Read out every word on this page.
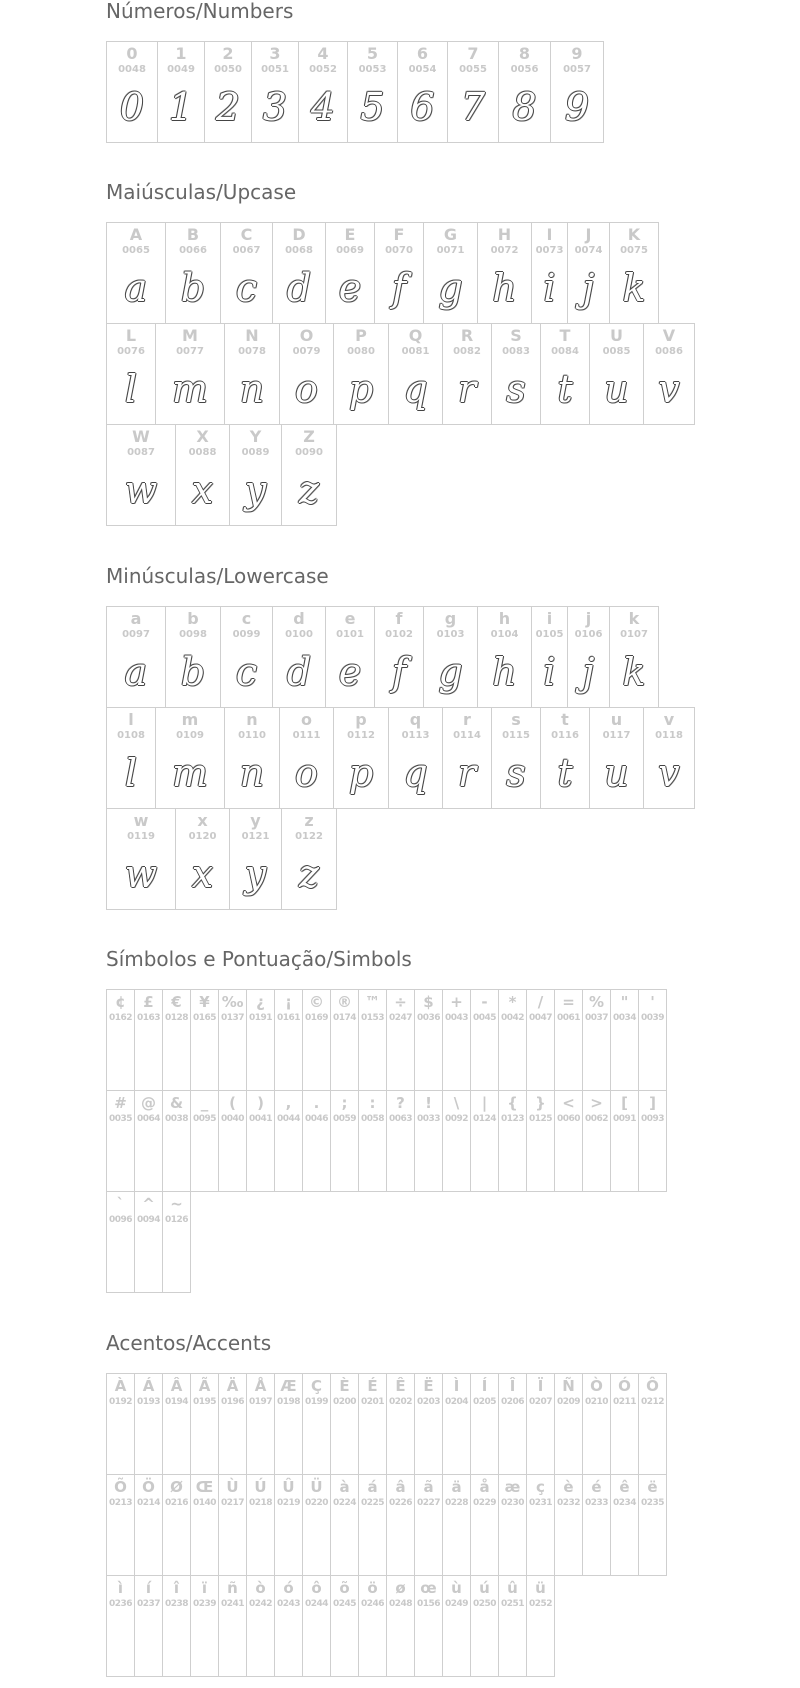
Números/Numbers
0
0048
0
1
0049
1
2
0050
2
3
0051
3
4
0052
4
5
0053
5
6
0054
6
7
0055
7
8
0056
8
9
0057
9
Maiúsculas/Upcase
A
0065
a
B
0066
b
C
0067
c
D
0068
d
E
0069
e
F
0070
f
G
0071
g
H
0072
h
I
0073
i
J
0074
j
K
0075
k
L
0076
l
M
0077
m
N
0078
n
O
0079
o
P
0080
p
Q
0081
q
R
0082
r
S
0083
s
T
0084
t
U
0085
u
V
0086
v
W
0087
w
X
0088
x
Y
0089
y
Z
0090
z
Minúsculas/Lowercase
a
0097
a
b
0098
b
c
0099
c
d
0100
d
e
0101
e
f
0102
f
g
0103
g
h
0104
h
i
0105
i
j
0106
j
k
0107
k
l
0108
l
m
0109
m
n
0110
n
o
0111
o
p
0112
p
q
0113
q
r
0114
r
s
0115
s
t
0116
t
u
0117
u
v
0118
v
w
0119
w
x
0120
x
y
0121
y
z
0122
z
Símbolos e Pontuação/Simbols
¢
0162
£
0163
€
0128
¥
0165
‰
0137
¿
0191
¡
0161
©
0169
®
0174
™
0153
÷
0247
$
0036
+
0043
-
0045
*
0042
/
0047
=
0061
%
0037
"
0034
'
0039
#
0035
@
0064
&
0038
_
0095
(
0040
)
0041
,
0044
.
0046
;
0059
:
0058
?
0063
!
0033
\
0092
|
0124
{
0123
}
0125
<
0060
>
0062
[
0091
]
0093
`
0096
^
0094
~
0126
Acentos/Accents
À
0192
Á
0193
Â
0194
Ã
0195
Ä
0196
Å
0197
Æ
0198
Ç
0199
È
0200
É
0201
Ê
0202
Ë
0203
Ì
0204
Í
0205
Î
0206
Ï
0207
Ñ
0209
Ò
0210
Ó
0211
Ô
0212
Õ
0213
Ö
0214
Ø
0216
Œ
0140
Ù
0217
Ú
0218
Û
0219
Ü
0220
à
0224
á
0225
â
0226
ã
0227
ä
0228
å
0229
æ
0230
ç
0231
è
0232
é
0233
ê
0234
ë
0235
ì
0236
í
0237
î
0238
ï
0239
ñ
0241
ò
0242
ó
0243
ô
0244
õ
0245
ö
0246
ø
0248
œ
0156
ù
0249
ú
0250
û
0251
ü
0252
